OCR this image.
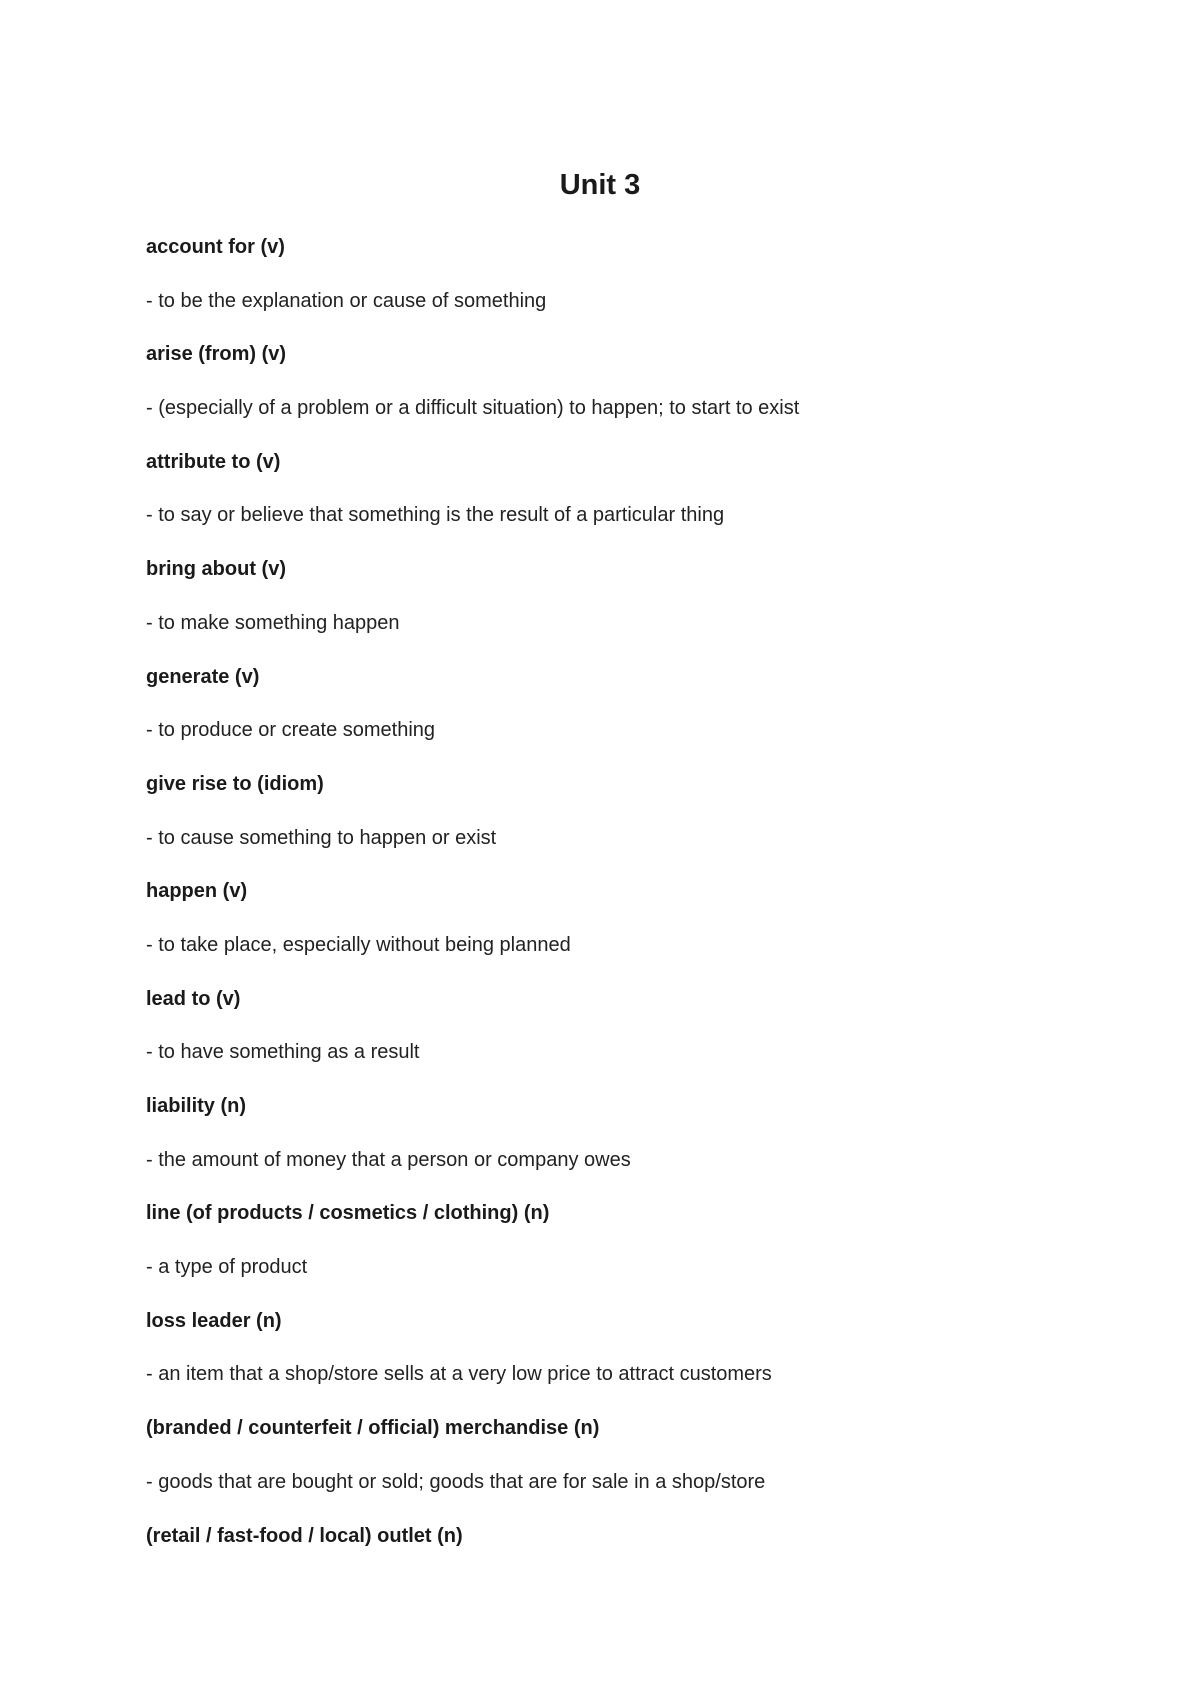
Unit 3
account for (v)
- to be the explanation or cause of something
arise (from) (v)
- (especially of a problem or a difficult situation) to happen; to start to exist
attribute to (v)
- to say or believe that something is the result of a particular thing
bring about (v)
- to make something happen
generate (v)
- to produce or create something
give rise to (idiom)
- to cause something to happen or exist
happen (v)
- to take place, especially without being planned
lead to (v)
- to have something as a result
liability (n)
- the amount of money that a person or company owes
line (of products / cosmetics / clothing) (n)
- a type of product
loss leader (n)
- an item that a shop/store sells at a very low price to attract customers
(branded / counterfeit / official) merchandise (n)
- goods that are bought or sold; goods that are for sale in a shop/store
(retail / fast-food / local) outlet (n)
